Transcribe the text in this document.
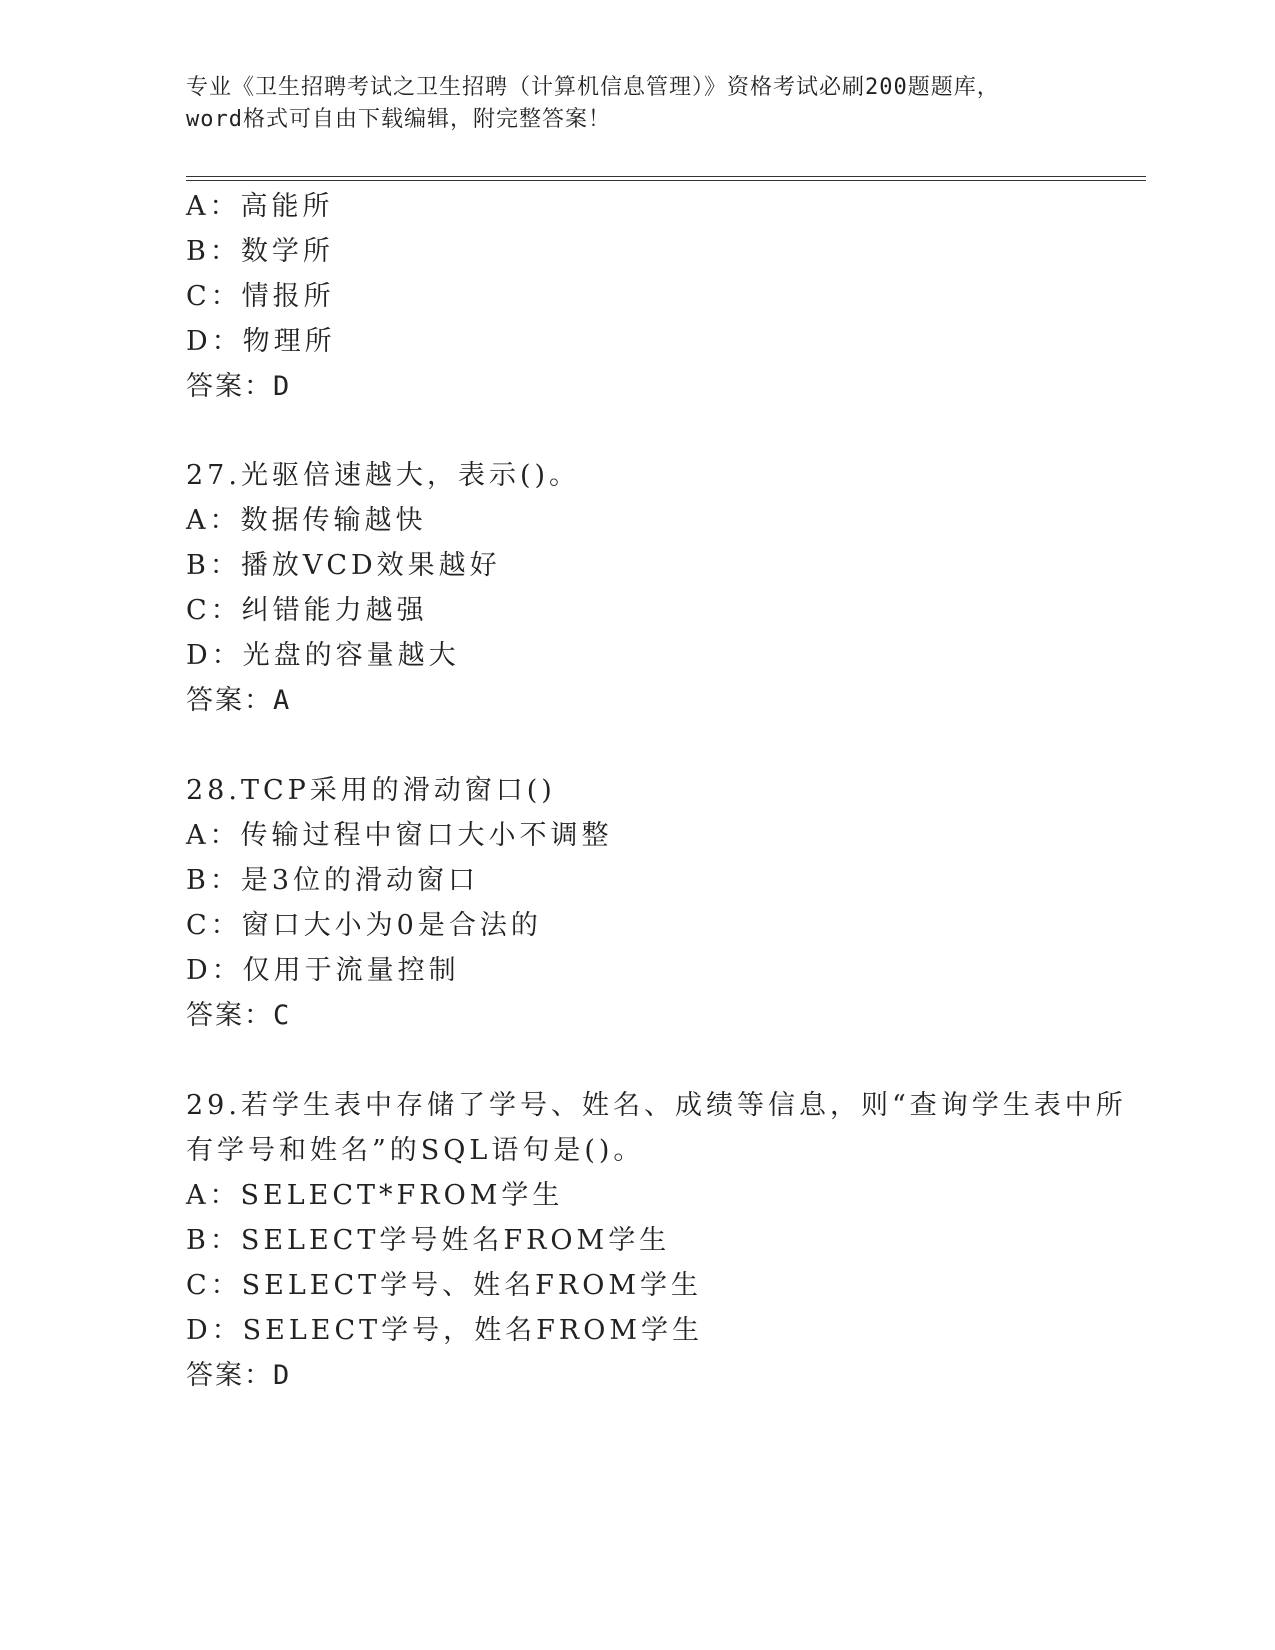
专业《卫生招聘考试之卫生招聘（计算机信息管理）》资格考试必刷200题题库，
word格式可自由下载编辑，附完整答案！
A：高能所
B：数学所
C：情报所
D：物理所
答案：D
27.光驱倍速越大，表示()。
A：数据传输越快
B：播放VCD效果越好
C：纠错能力越强
D：光盘的容量越大
答案：A
28.TCP采用的滑动窗口()
A：传输过程中窗口大小不调整
B：是3位的滑动窗口
C：窗口大小为0是合法的
D：仅用于流量控制
答案：C
29.若学生表中存储了学号、姓名、成绩等信息，则“查询学生表中所
有学号和姓名”的SQL语句是()。
A：SELECT*FROM学生
B：SELECT学号姓名FROM学生
C：SELECT学号、姓名FROM学生
D：SELECT学号，姓名FROM学生
答案：D
